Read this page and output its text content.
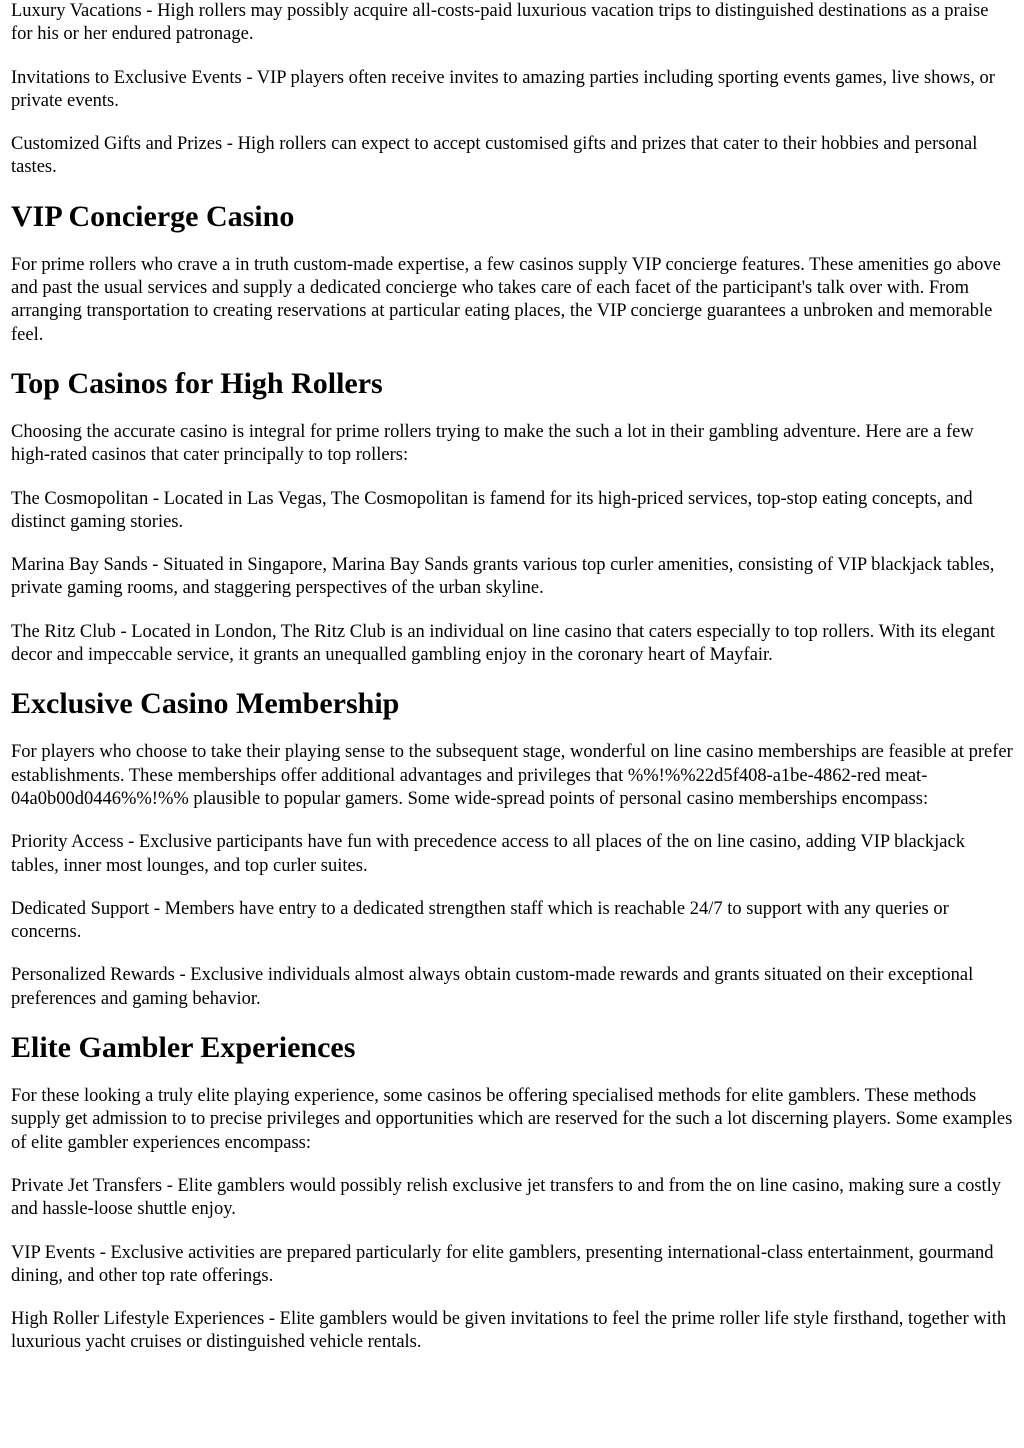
Luxury Vacations - High rollers may possibly acquire all-costs-paid luxurious vacation trips to distinguished destinations as a praise for his or her endured patronage.

Invitations to Exclusive Events - VIP players often receive invites to amazing parties including sporting events games, live shows, or private events.

Customized Gifts and Prizes - High rollers can expect to accept customised gifts and prizes that cater to their hobbies and personal tastes.

VIP Concierge Casino

For prime rollers who crave a in truth custom-made expertise, a few casinos supply VIP concierge features. These amenities go above and past the usual services and supply a dedicated concierge who takes care of each facet of the participant's talk over with. From arranging transportation to creating reservations at particular eating places, the VIP concierge guarantees a unbroken and memorable feel.

Top Casinos for High Rollers

Choosing the accurate casino is integral for prime rollers trying to make the such a lot in their gambling adventure. Here are a few high-rated casinos that cater principally to top rollers:

The Cosmopolitan - Located in Las Vegas, The Cosmopolitan is famend for its high-priced services, top-stop eating concepts, and distinct gaming stories.

Marina Bay Sands - Situated in Singapore, Marina Bay Sands grants various top curler amenities, consisting of VIP blackjack tables, private gaming rooms, and staggering perspectives of the urban skyline.

The Ritz Club - Located in London, The Ritz Club is an individual on line casino that caters especially to top rollers. With its elegant decor and impeccable service, it grants an unequalled gambling enjoy in the coronary heart of Mayfair.

Exclusive Casino Membership

For players who choose to take their playing sense to the subsequent stage, wonderful on line casino memberships are feasible at prefer establishments. These memberships offer additional advantages and privileges that %%!%%22d5f408-a1be-4862-red meat-04a0b00d0446%%!%% plausible to popular gamers. Some wide-spread points of personal casino memberships encompass:

Priority Access - Exclusive participants have fun with precedence access to all places of the on line casino, adding VIP blackjack tables, inner most lounges, and top curler suites.

Dedicated Support - Members have entry to a dedicated strengthen staff which is reachable 24/7 to support with any queries or concerns.

Personalized Rewards - Exclusive individuals almost always obtain custom-made rewards and grants situated on their exceptional preferences and gaming behavior.

Elite Gambler Experiences

For these looking a truly elite playing experience, some casinos be offering specialised methods for elite gamblers. These methods supply get admission to to precise privileges and opportunities which are reserved for the such a lot discerning players. Some examples of elite gambler experiences encompass:

Private Jet Transfers - Elite gamblers would possibly relish exclusive jet transfers to and from the on line casino, making sure a costly and hassle-loose shuttle enjoy.

VIP Events - Exclusive activities are prepared particularly for elite gamblers, presenting international-class entertainment, gourmand dining, and other top rate offerings.

High Roller Lifestyle Experiences - Elite gamblers would be given invitations to feel the prime roller life style firsthand, together with luxurious yacht cruises or distinguished vehicle rentals.
